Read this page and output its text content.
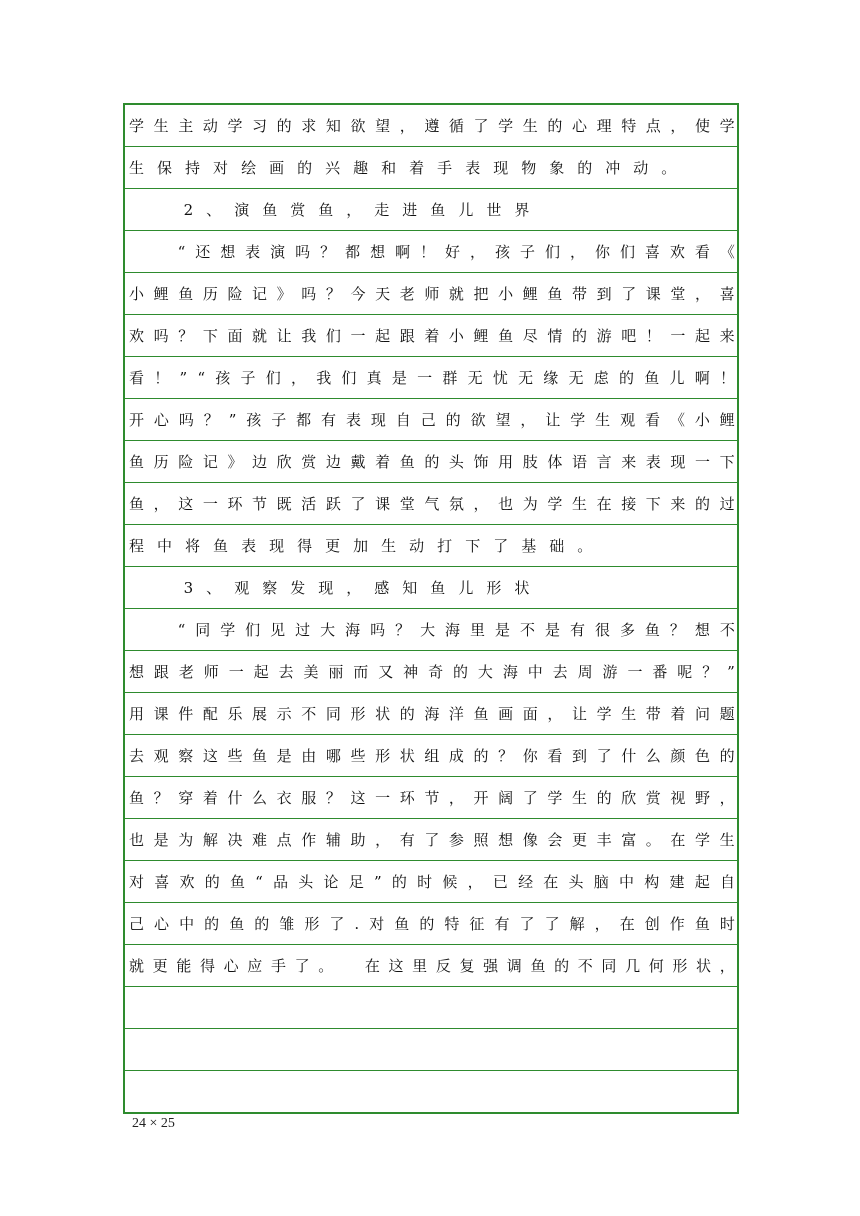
学 生 主 动 学 习 的 求 知 欲 望 ， 遵 循 了 学 生 的 心 理 特 点 ， 使 学
生 保 持 对 绘 画 的 兴 趣 和 着 手 表 现 物 象 的 冲 动 。

2 、 演 鱼 赏 鱼 ， 走 进 鱼 儿 世 界

“ 还 想 表 演 吗 ？ 都 想 啊 ！ 好 ， 孩 子 们 ， 你 们 喜 欢 看 《
小 鲤 鱼 历 险 记 》 吗 ？ 今 天 老 师 就 把 小 鲤 鱼 带 到 了 课 堂 ， 喜
欢 吗 ？ 下 面 就 让 我 们 一 起 跟 着 小 鲤 鱼 尽 情 的 游 吧 ！ 一 起 来
看 ！ ” “ 孩 子 们 ， 我 们 真 是 一 群 无 忧 无 缘 无 虑 的 鱼 儿 啊 ！
开 心 吗 ？ ” 孩 子 都 有 表 现 自 己 的 欲 望 ， 让 学 生 观 看 《 小 鲤
鱼 历 险 记 》 边 欣 赏 边 戴 着 鱼 的 头 饰 用 肢 体 语 言 来 表 现 一 下
鱼 ， 这 一 环 节 既 活 跃 了 课 堂 气 氛 ， 也 为 学 生 在 接 下 来 的 过
程 中 将 鱼 表 现 得 更 加 生 动 打 下 了 基 础 。

3 、 观 察 发 现 ， 感 知 鱼 儿 形 状

“ 同 学 们 见 过 大 海 吗 ？ 大 海 里 是 不 是 有 很 多 鱼 ？ 想 不
想 跟 老 师 一 起 去 美 丽 而 又 神 奇 的 大 海 中 去 周 游 一 番 呢 ？ ”
用 课 件 配 乐 展 示 不 同 形 状 的 海 洋 鱼 画 面 ， 让 学 生 带 着 问 题
去 观 察 这 些 鱼 是 由 哪 些 形 状 组 成 的 ？ 你 看 到 了 什 么 颜 色 的
鱼 ？ 穿 着 什 么 衣 服 ？ 这 一 环 节 ， 开 阔 了 学 生 的 欣 赏 视 野 ，
也 是 为 解 决 难 点 作 辅 助 ， 有 了 参 照 想 像 会 更 丰 富 。 在 学 生
对 喜 欢 的 鱼 “ 品 头 论 足 ” 的 时 候 ， 已 经 在 头 脑 中 构 建 起 自
己 心 中 的 鱼 的 雏 形 了 . 对 鱼 的 特 征 有 了 了 解 ， 在 创 作 鱼 时
就 更 能 得 心 应 手 了 。
在 这 里 反 复 强 调 鱼 的 不 同 几 何 形 状 ，
24 × 25
